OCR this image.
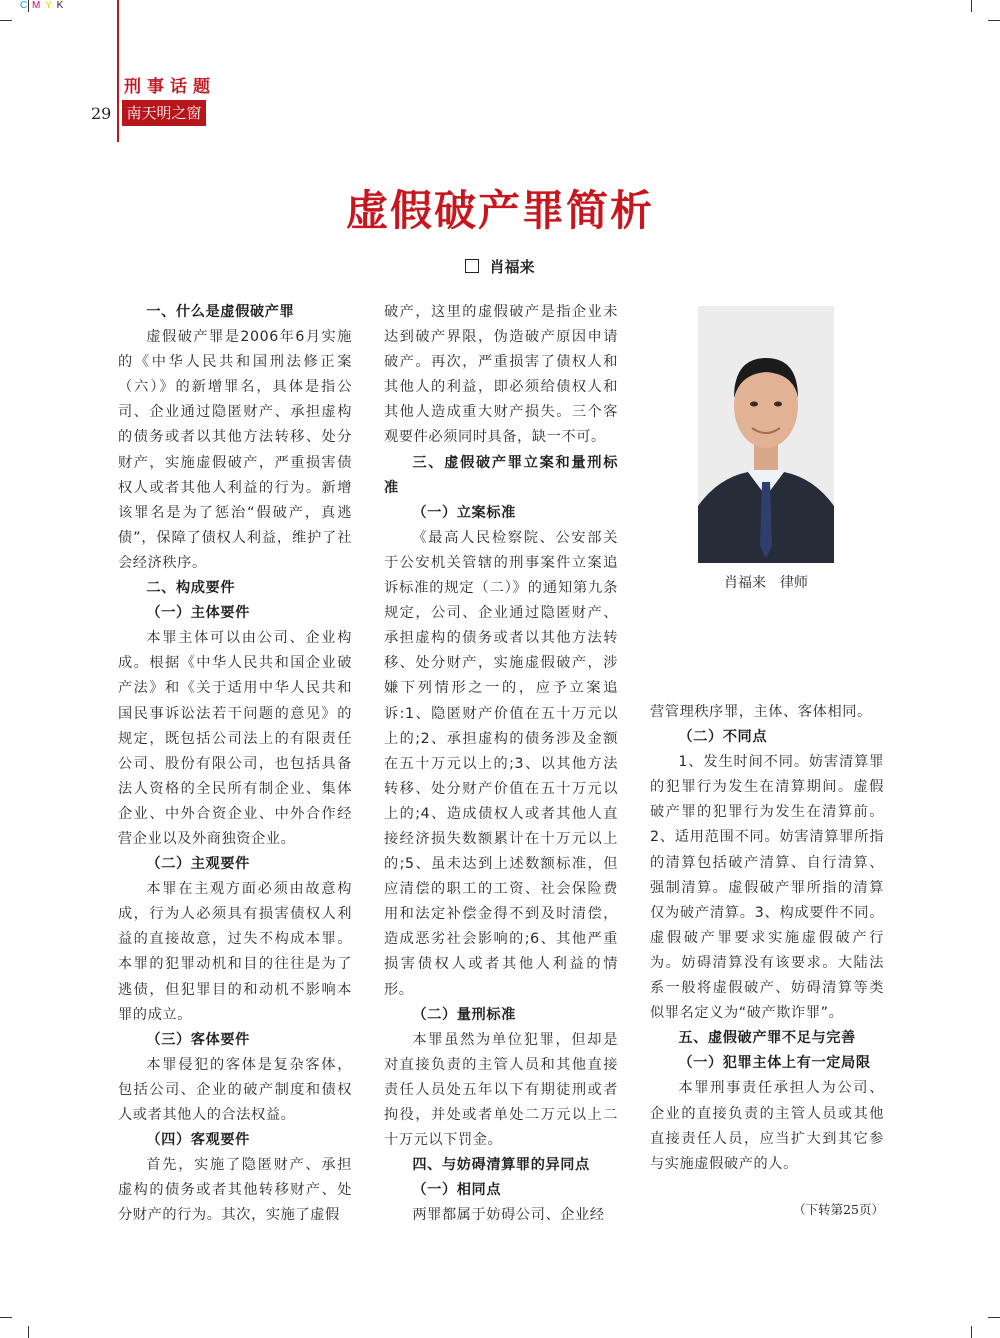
C M Y K
刑事话题
29 南天明之窗
虚假破产罪简析
肖福来

一、什么是虚假破产罪

虚假破产罪是2006年6月实施的《中华人民共和国刑法修正案（六）》的新增罪名，具体是指公司、企业通过隐匿财产、承担虚构的债务或者以其他方法转移、处分财产，实施虚假破产，严重损害债权人或者其他人利益的行为。新增该罪名是为了惩治“假破产，真逃债”，保障了债权人利益，维护了社会经济秩序。

二、构成要件

（一）主体要件

本罪主体可以由公司、企业构成。根据《中华人民共和国企业破产法》和《关于适用中华人民共和国民事诉讼法若干问题的意见》的规定，既包括公司法上的有限责任公司、股份有限公司，也包括具备法人资格的全民所有制企业、集体企业、中外合资企业、中外合作经营企业以及外商独资企业。

（二）主观要件

本罪在主观方面必须由故意构成，行为人必须具有损害债权人利益的直接故意，过失不构成本罪。本罪的犯罪动机和目的往往是为了逃债，但犯罪目的和动机不影响本罪的成立。

（三）客体要件

本罪侵犯的客体是复杂客体，包括公司、企业的破产制度和债权人或者其他人的合法权益。

（四）客观要件

首先，实施了隐匿财产、承担虚构的债务或者其他转移财产、处分财产的行为。其次，实施了虚假

破产，这里的虚假破产是指企业未达到破产界限，伪造破产原因申请破产。再次，严重损害了债权人和其他人的利益，即必须给债权人和其他人造成重大财产损失。三个客观要件必须同时具备，缺一不可。

三、虚假破产罪立案和量刑标准

（一）立案标准

《最高人民检察院、公安部关于公安机关管辖的刑事案件立案追诉标准的规定（二）》的通知第九条规定，公司、企业通过隐匿财产、承担虚构的债务或者以其他方法转移、处分财产，实施虚假破产，涉嫌下列情形之一的，应予立案追诉:1、隐匿财产价值在五十万元以上的;2、承担虚构的债务涉及金额在五十万元以上的;3、以其他方法转移、处分财产价值在五十万元以上的;4、造成债权人或者其他人直接经济损失数额累计在十万元以上的;5、虽未达到上述数额标准，但应清偿的职工的工资、社会保险费用和法定补偿金得不到及时清偿，造成恶劣社会影响的;6、其他严重损害债权人或者其他人利益的情形。

（二）量刑标准

本罪虽然为单位犯罪，但却是对直接负责的主管人员和其他直接责任人员处五年以下有期徒刑或者拘役，并处或者单处二万元以上二十万元以下罚金。

四、与妨碍清算罪的异同点

（一）相同点

两罪都属于妨碍公司、企业经

营管理秩序罪，主体、客体相同。

（二）不同点

1、发生时间不同。妨害清算罪的犯罪行为发生在清算期间。虚假破产罪的犯罪行为发生在清算前。2、适用范围不同。妨害清算罪所指的清算包括破产清算、自行清算、强制清算。虚假破产罪所指的清算仅为破产清算。3、构成要件不同。虚假破产罪要求实施虚假破产行为。妨碍清算没有该要求。大陆法系一般将虚假破产、妨碍清算等类似罪名定义为“破产欺诈罪”。

五、虚假破产罪不足与完善

（一）犯罪主体上有一定局限

本罪刑事责任承担人为公司、企业的直接负责的主管人员或其他直接责任人员，应当扩大到其它参与实施虚假破产的人。

肖福来　律师
（下转第25页）
